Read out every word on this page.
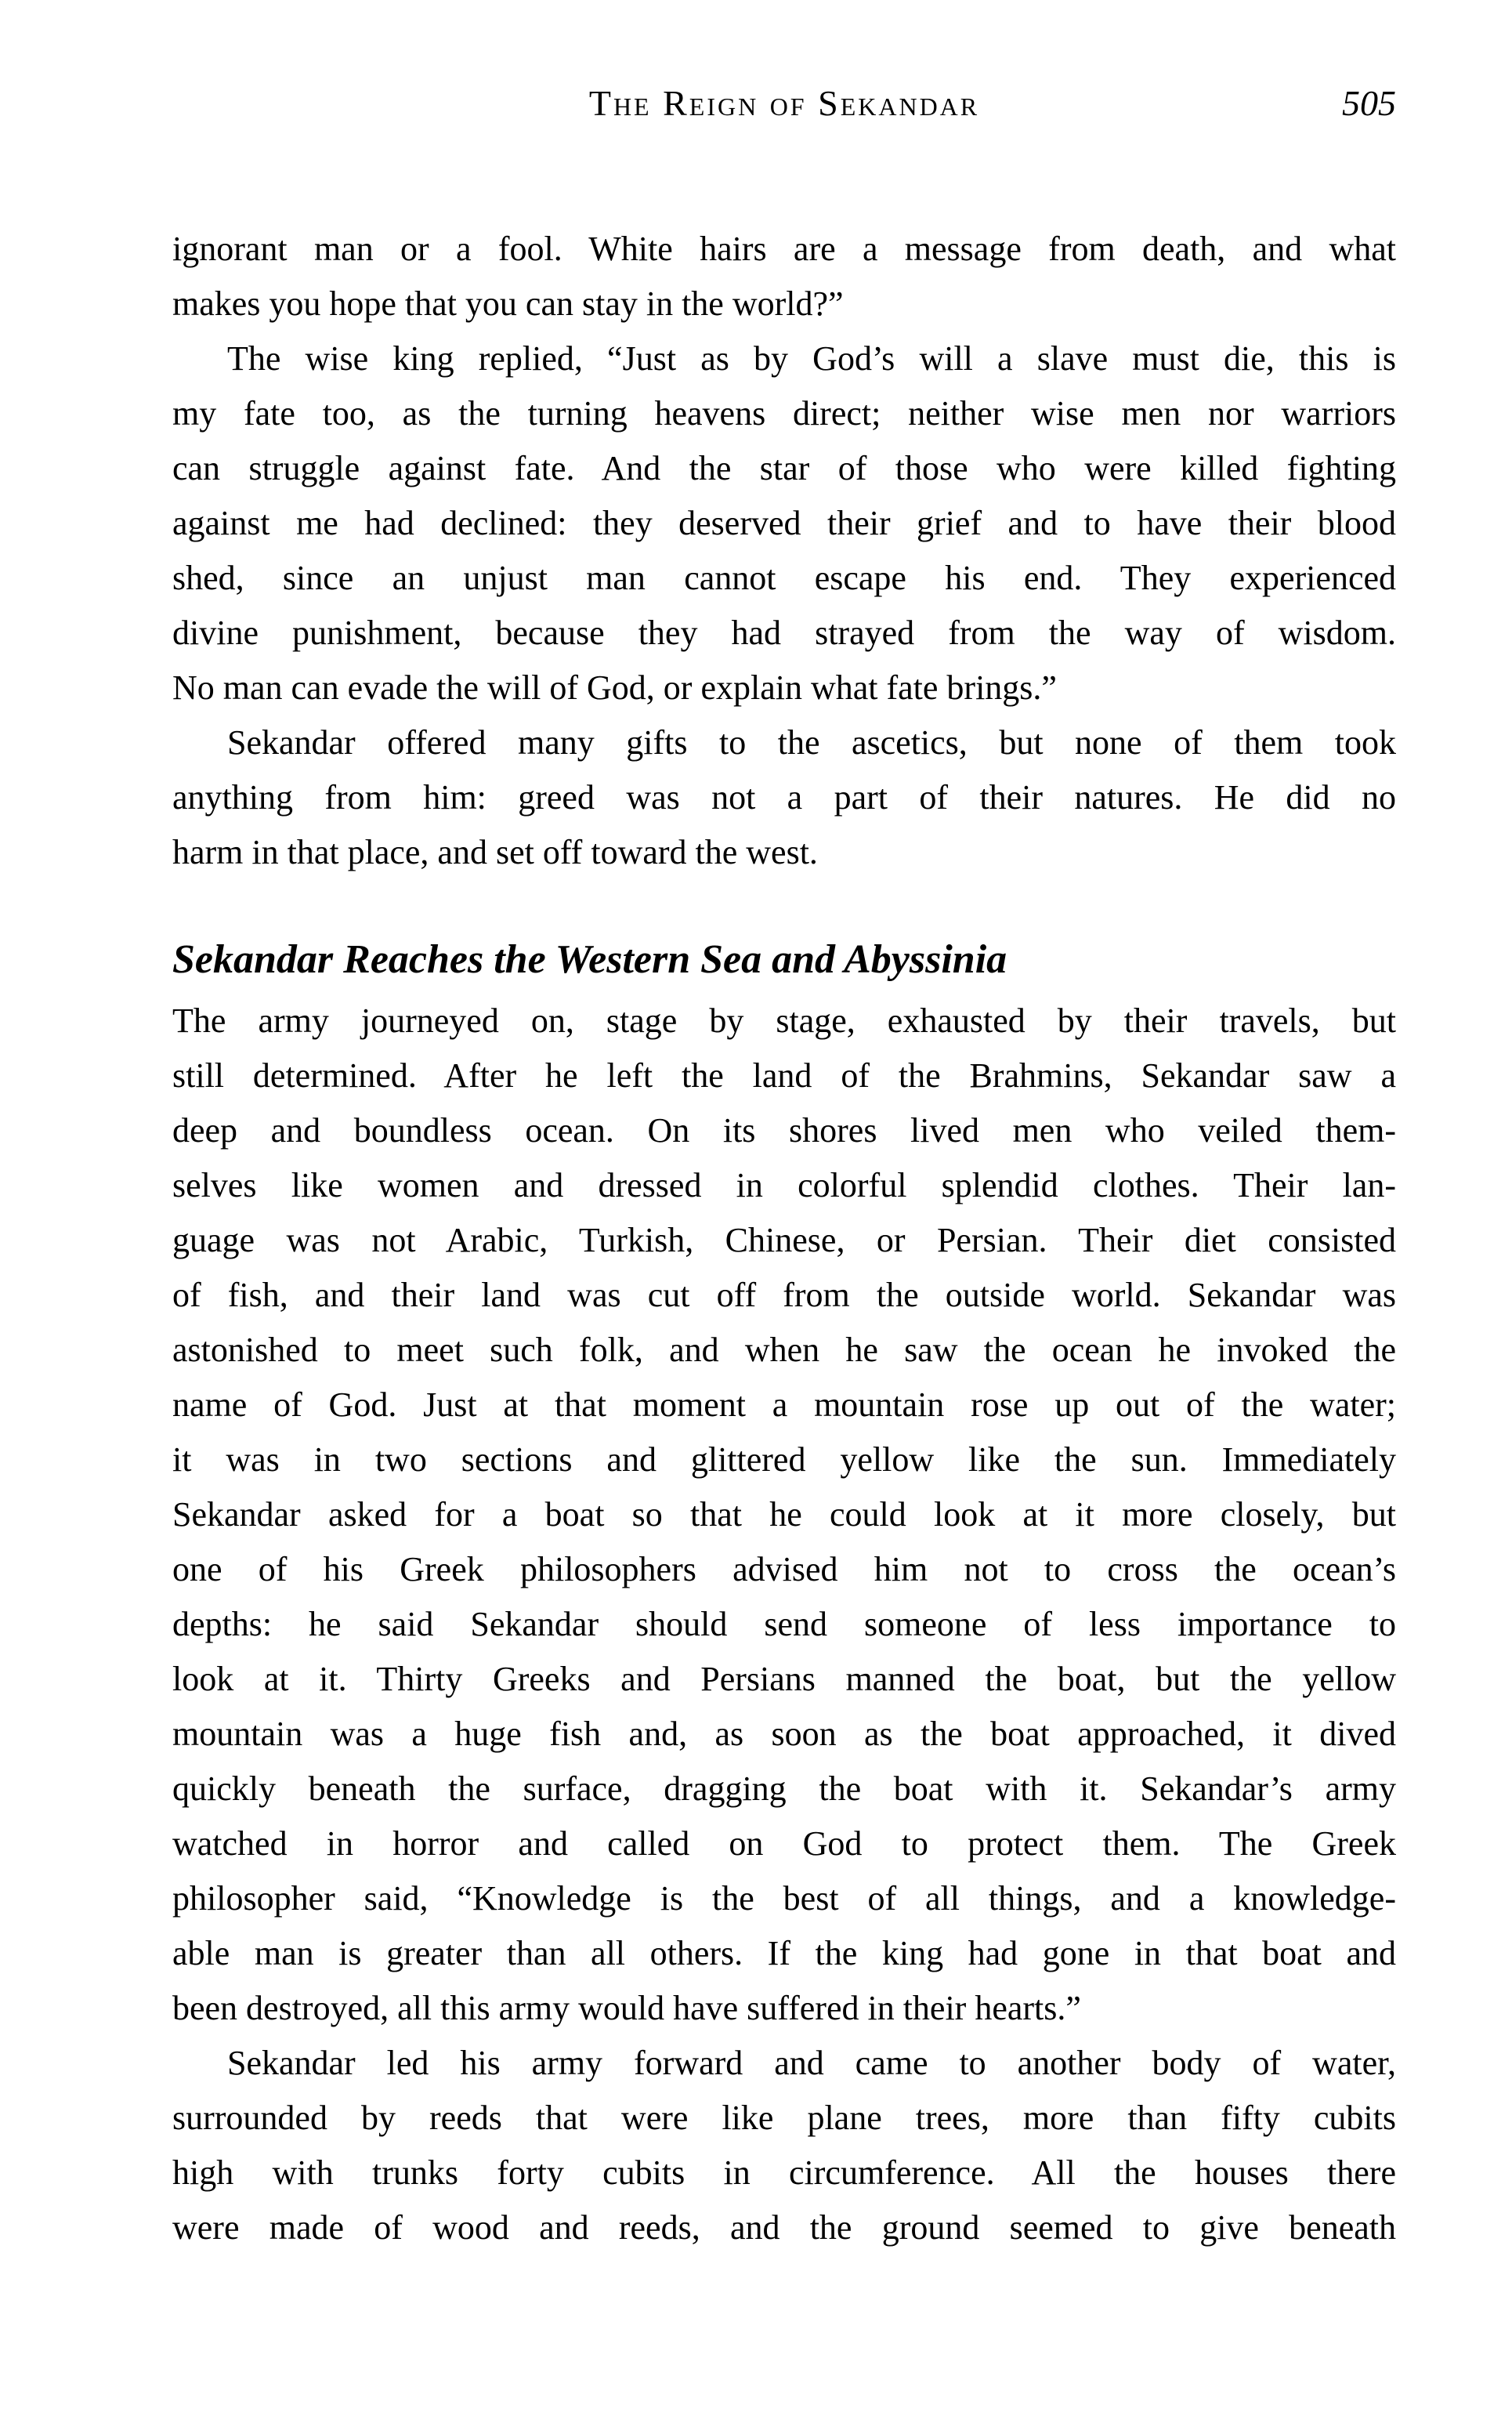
The Reign of Sekandar	505
ignorant man or a fool. White hairs are a message from death, and what
makes you hope that you can stay in the world?”
The wise king replied, “Just as by God’s will a slave must die, this is
my fate too, as the turning heavens direct; neither wise men nor warriors
can struggle against fate. And the star of those who were killed fighting
against me had declined: they deserved their grief and to have their blood
shed, since an unjust man cannot escape his end. They experienced
divine punishment, because they had strayed from the way of wisdom.
No man can evade the will of God, or explain what fate brings.”
Sekandar offered many gifts to the ascetics, but none of them took
anything from him: greed was not a part of their natures. He did no
harm in that place, and set off toward the west.
Sekandar Reaches the Western Sea and Abyssinia
The army journeyed on, stage by stage, exhausted by their travels, but
still determined. After he left the land of the Brahmins, Sekandar saw a
deep and boundless ocean. On its shores lived men who veiled them-
selves like women and dressed in colorful splendid clothes. Their lan-
guage was not Arabic, Turkish, Chinese, or Persian. Their diet consisted
of fish, and their land was cut off from the outside world. Sekandar was
astonished to meet such folk, and when he saw the ocean he invoked the
name of God. Just at that moment a mountain rose up out of the water;
it was in two sections and glittered yellow like the sun. Immediately
Sekandar asked for a boat so that he could look at it more closely, but
one of his Greek philosophers advised him not to cross the ocean’s
depths: he said Sekandar should send someone of less importance to
look at it. Thirty Greeks and Persians manned the boat, but the yellow
mountain was a huge fish and, as soon as the boat approached, it dived
quickly beneath the surface, dragging the boat with it. Sekandar’s army
watched in horror and called on God to protect them. The Greek
philosopher said, “Knowledge is the best of all things, and a knowledge-
able man is greater than all others. If the king had gone in that boat and
been destroyed, all this army would have suffered in their hearts.”
Sekandar led his army forward and came to another body of water,
surrounded by reeds that were like plane trees, more than fifty cubits
high with trunks forty cubits in circumference. All the houses there
were made of wood and reeds, and the ground seemed to give beneath
